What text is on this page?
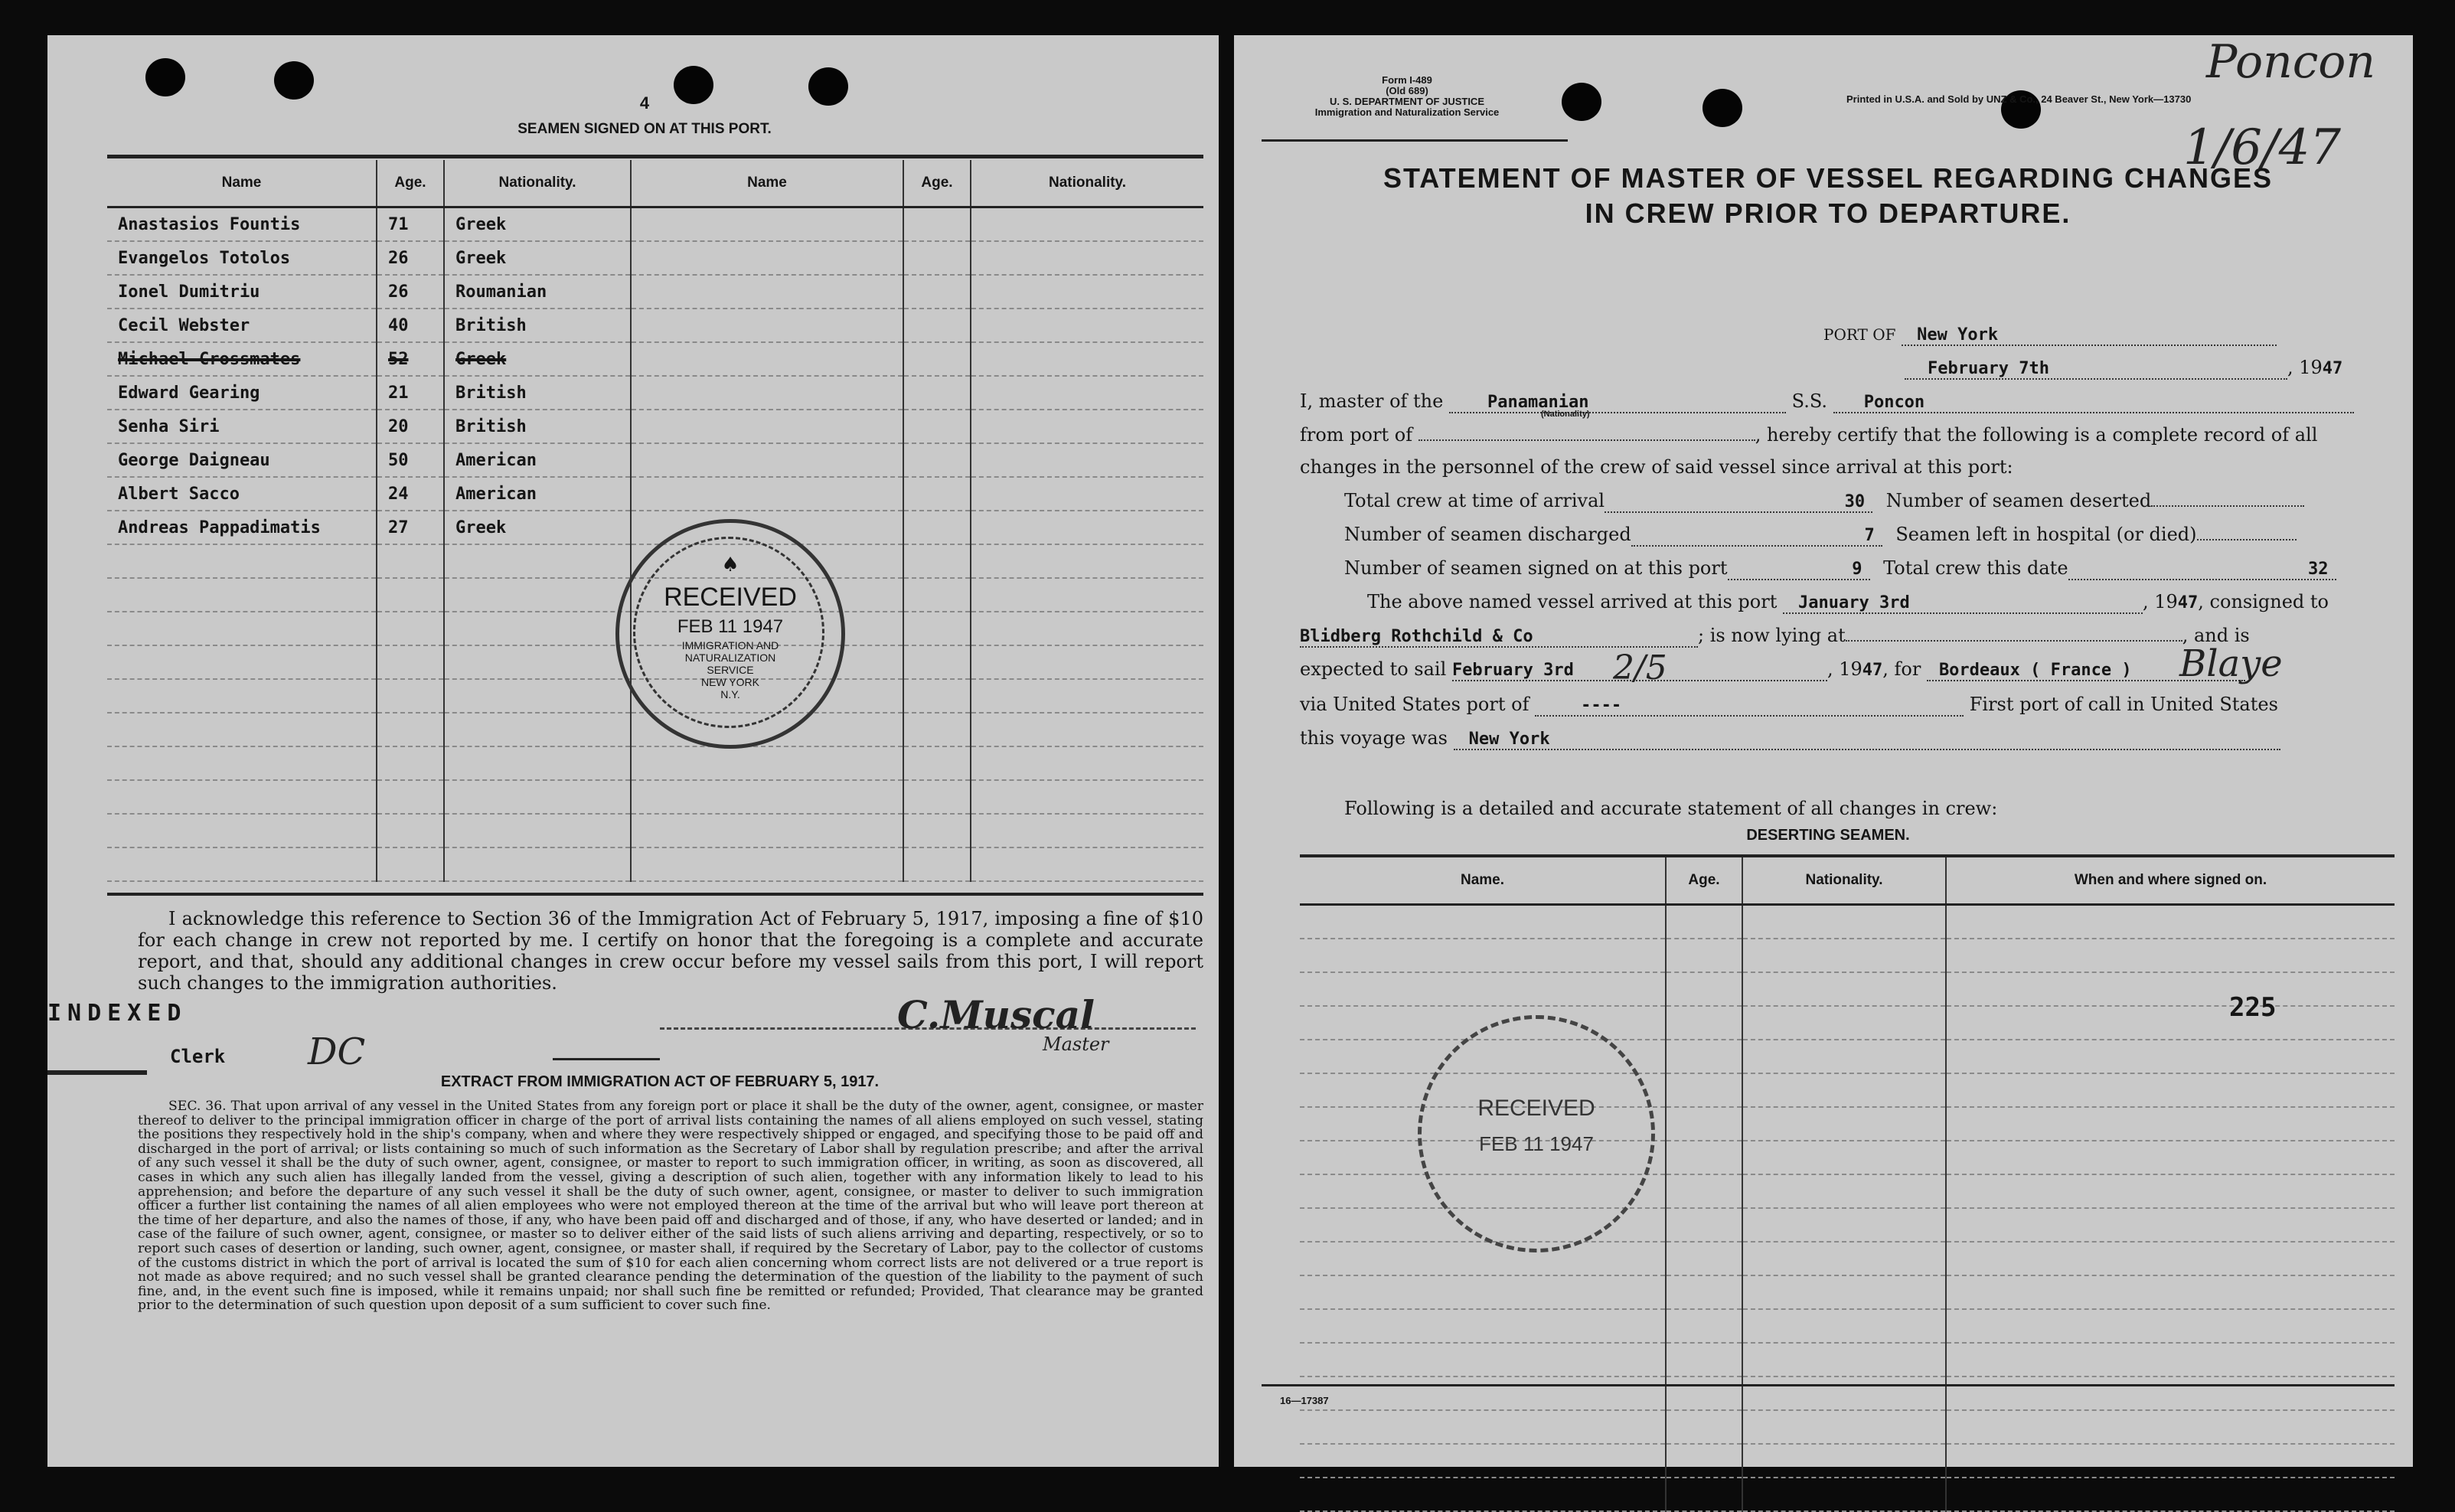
4
SEAMEN SIGNED ON AT THIS PORT.
Name	Age.	Nationality.	Name	Age.	Nationality.
Anastasios Fountis	71	Greek			
Evangelos Totolos	26	Greek			
Ionel Dumitriu	26	Roumanian			
Cecil Webster	40	British			
Michael Crossmates	52	Greek			
Edward Gearing	21	British			
Senha Siri	20	British			
George Daigneau	50	American			
Albert Sacco	24	American			
Andreas Pappadimatis	27	Greek			

♠
RECEIVED
FEB 11 1947
IMMIGRATION AND
NATURALIZATION
SERVICE
NEW YORK
N.Y.
I acknowledge this reference to Section 36 of the Immigration Act of February 5, 1917, imposing a fine of $10 for each change in crew not reported by me. I certify on honor that the foregoing is a complete and accurate report, and that, should any additional changes in crew occur before my vessel sails from this port, I will report such changes to the immigration authorities.
INDEXED
Clerk DC
C.Muscal
Master
EXTRACT FROM IMMIGRATION ACT OF FEBRUARY 5, 1917.
SEC. 36. That upon arrival of any vessel in the United States from any foreign port or place it shall be the duty of the owner, agent, consignee, or master thereof to deliver to the principal immigration officer in charge of the port of arrival lists containing the names of all aliens employed on such vessel, stating the positions they respectively hold in the ship's company, when and where they were respectively shipped or engaged, and specifying those to be paid off and discharged in the port of arrival; or lists containing so much of such information as the Secretary of Labor shall by regulation prescribe; and after the arrival of any such vessel it shall be the duty of such owner, agent, consignee, or master to report to such immigration officer, in writing, as soon as discovered, all cases in which any such alien has illegally landed from the vessel, giving a description of such alien, together with any information likely to lead to his apprehension; and before the departure of any such vessel it shall be the duty of such owner, agent, consignee, or master to deliver to such immigration officer a further list containing the names of all alien employees who were not employed thereon at the time of the arrival but who will leave port thereon at the time of her departure, and also the names of those, if any, who have been paid off and discharged and of those, if any, who have deserted or landed; and in case of the failure of such owner, agent, consignee, or master so to deliver either of the said lists of such aliens arriving and departing, respectively, or so to report such cases of desertion or landing, such owner, agent, consignee, or master shall, if required by the Secretary of Labor, pay to the collector of customs of the customs district in which the port of arrival is located the sum of $10 for each alien concerning whom correct lists are not delivered or a true report is not made as above required; and no such vessel shall be granted clearance pending the determination of the question of the liability to the payment of such fine, and, in the event such fine is imposed, while it remains unpaid; nor shall such fine be remitted or refunded; Provided, That clearance may be granted prior to the determination of such question upon deposit of a sum sufficient to cover such fine.
Poncon
1/6/47
Form I-489
(Old 689)
U. S. DEPARTMENT OF JUSTICE
Immigration and Naturalization Service
Printed in U.S.A. and Sold by UNZ & Co., 24 Beaver St., New York—13730
STATEMENT OF MASTER OF VESSEL REGARDING CHANGES
IN CREW PRIOR TO DEPARTURE.
PORT OF New York
February 7th	, 1947
I, master of the	Panamanian
(Nationality)
S.S. Poncon
from port of	, hereby certify that the following is a complete record of all
changes in the personnel of the crew of said vessel since arrival at this port:
Total crew at time of arrival	30 Number of seamen deserted
Number of seamen discharged	7 Seamen left in hospital (or died)
Number of seamen signed on at this port	9 Total crew this date	32
The above named vessel arrived at this port January 3rd	, 1947, consigned to
Blidberg Rothchild & Co	; is now lying at	, and is
expected to sail February 3rd 2/5	, 1947, for Bordeaux ( France ) Blaye
via United States port of	----	First port of call in United States
this voyage was New York
Following is a detailed and accurate statement of all changes in crew:
DESERTING SEAMEN.
Name.	Age.	Nationality.	When and where signed on.

225
RECEIVED
FEB 11 1947
16—17387
